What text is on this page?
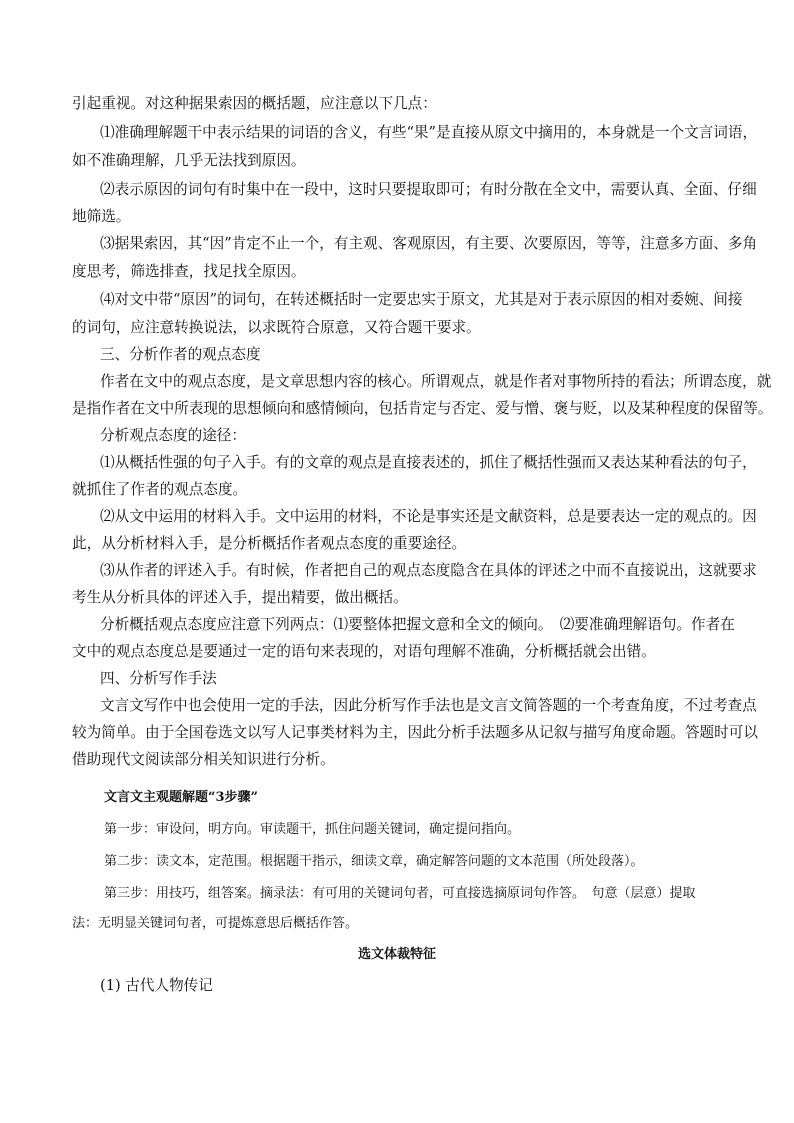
引起重视。对这种据果索因的概括题，应注意以下几点：
⑴准确理解题干中表示结果的词语的含义，有些“果”是直接从原文中摘用的，本身就是一个文言词语，
如不准确理解，几乎无法找到原因。
⑵表示原因的词句有时集中在一段中，这时只要提取即可；有时分散在全文中，需要认真、全面、仔细
地筛选。
⑶据果索因，其“因”肯定不止一个，有主观、客观原因，有主要、次要原因，等等，注意多方面、多角
度思考，筛选排查，找足找全原因。
⑷对文中带“原因”的词句，在转述概括时一定要忠实于原文，尤其是对于表示原因的相对委婉、间接
的词句，应注意转换说法，以求既符合原意，又符合题干要求。
三、分析作者的观点态度
作者在文中的观点态度，是文章思想内容的核心。所谓观点，就是作者对事物所持的看法；所谓态度，就
是指作者在文中所表现的思想倾向和感情倾向，包括肯定与否定、爱与憎、褒与贬，以及某种程度的保留等。
分析观点态度的途径：
⑴从概括性强的句子入手。有的文章的观点是直接表述的，抓住了概括性强而又表达某种看法的句子，
就抓住了作者的观点态度。
⑵从文中运用的材料入手。文中运用的材料，不论是事实还是文献资料，总是要表达一定的观点的。因
此，从分析材料入手，是分析概括作者观点态度的重要途径。
⑶从作者的评述入手。有时候，作者把自己的观点态度隐含在具体的评述之中而不直接说出，这就要求
考生从分析具体的评述入手，提出精要，做出概括。
分析概括观点态度应注意下列两点：⑴要整体把握文意和全文的倾向。　⑵要准确理解语句。作者在
文中的观点态度总是要通过一定的语句来表现的，对语句理解不准确，分析概括就会出错。
四、分析写作手法
文言文写作中也会使用一定的手法，因此分析写作手法也是文言文简答题的一个考查角度，不过考查点
较为简单。由于全国卷选文以写人记事类材料为主，因此分析手法题多从记叙与描写角度命题。答题时可以
借助现代文阅读部分相关知识进行分析。
文言文主观题解题“3步骤”
第一步：审设问，明方向。审读题干，抓住问题关键词，确定提问指向。
第二步：读文本，定范围。根据题干指示，细读文章，确定解答问题的文本范围（所处段落）。
第三步：用技巧，组答案。摘录法：有可用的关键词句者，可直接选摘原词句作答。　句意（层意）提取
法：无明显关键词句者，可提炼意思后概括作答。
选文体裁特征
(1) 古代人物传记
